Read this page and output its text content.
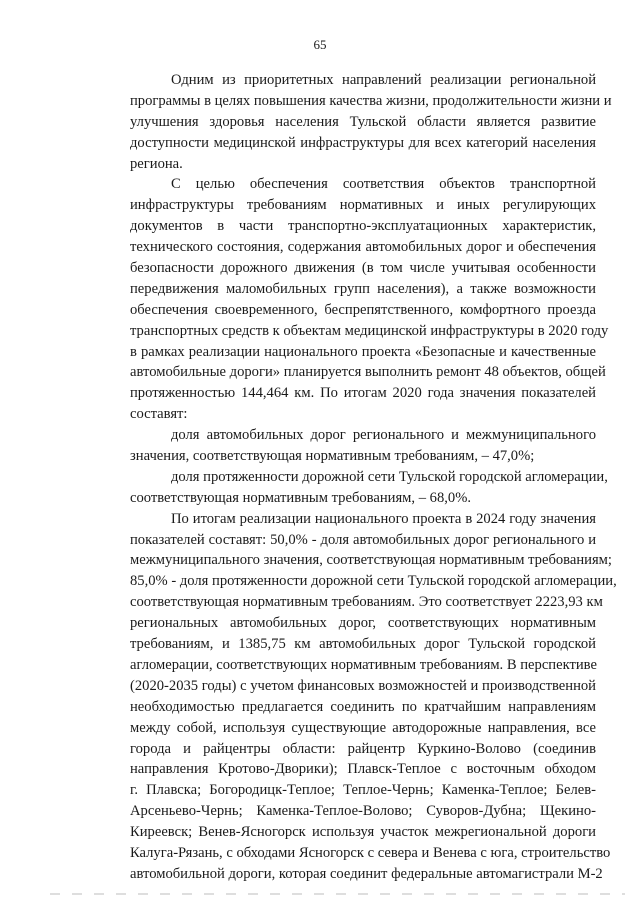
65
Одним из приоритетных направлений реализации региональной
программы в целях повышения качества жизни, продолжительности жизни и
улучшения здоровья населения Тульской области является развитие
доступности медицинской инфраструктуры для всех категорий населения
региона.
С целью обеспечения соответствия объектов транспортной
инфраструктуры требованиям нормативных и иных регулирующих
документов в части транспортно-эксплуатационных характеристик,
технического состояния, содержания автомобильных дорог и обеспечения
безопасности дорожного движения (в том числе учитывая особенности
передвижения маломобильных групп населения), а также возможности
обеспечения своевременного, беспрепятственного, комфортного проезда
транспортных средств к объектам медицинской инфраструктуры в 2020 году
в рамках реализации национального проекта «Безопасные и качественные
автомобильные дороги» планируется выполнить ремонт 48 объектов, общей
протяженностью 144,464 км. По итогам 2020 года значения показателей
составят:
доля автомобильных дорог регионального и межмуниципального
значения, соответствующая нормативным требованиям, – 47,0%;
доля протяженности дорожной сети Тульской городской агломерации,
соответствующая нормативным требованиям, – 68,0%.
По итогам реализации национального проекта в 2024 году значения
показателей составят: 50,0% - доля автомобильных дорог регионального и
межмуниципального значения, соответствующая нормативным требованиям;
85,0% - доля протяженности дорожной сети Тульской городской агломерации,
соответствующая нормативным требованиям. Это соответствует 2223,93 км
региональных автомобильных дорог, соответствующих нормативным
требованиям, и 1385,75 км автомобильных дорог Тульской городской
агломерации, соответствующих нормативным требованиям. В перспективе
(2020-2035 годы) с учетом финансовых возможностей и производственной
необходимостью предлагается соединить по кратчайшим направлениям
между собой, используя существующие автодорожные направления, все
города и райцентры области: райцентр Куркино-Волово (соединив
направления Кротово-Дворики); Плавск-Теплое с восточным обходом
г. Плавска; Богородицк-Теплое; Теплое-Чернь; Каменка-Теплое; Белев-
Арсеньево-Чернь; Каменка-Теплое-Волово; Суворов-Дубна; Щекино-
Киреевск; Венев-Ясногорск используя участок межрегиональной дороги
Калуга-Рязань, с обходами Ясногорск с севера и Венева с юга, строительство
автомобильной дороги, которая соединит федеральные автомагистрали М-2
